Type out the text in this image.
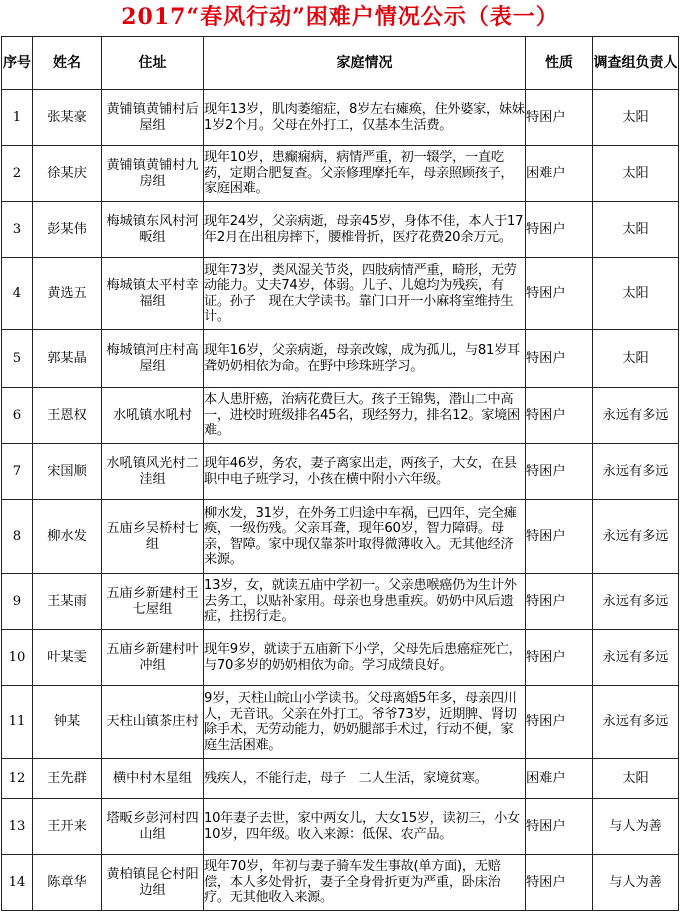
2017“春风行动”困难户情况公示（表一）
序号	姓名	住址	家庭情况	性质	调查组负责人
1	张某豪	黄铺镇黄铺村后屋组	现年13岁，肌肉萎缩症，8岁左右瘫痪，住外婆家，妹妹1岁2个月。父母在外打工，仅基本生活费。	特困户	太阳
2	徐某庆	黄铺镇黄铺村九房组	现年10岁，患癫痫病，病情严重，初一辍学，一直吃药，定期合肥复查。父亲修理摩托车，母亲照顾孩子，家庭困难。	困难户	太阳
3	彭某伟	梅城镇东风村河畈组	现年24岁，父亲病逝，母亲45岁，身体不佳，本人于17年2月在出租房摔下，腰椎骨折，医疗花费20余万元。	特困户	太阳
4	黄选五	梅城镇太平村幸福组	现年73岁，类风湿关节炎，四肢病情严重，畸形，无劳动能力。丈夫74岁，体弱。儿子、儿媳均为残疾，有证。孙子　现在大学读书。靠门口开一小麻将室维持生计。	特困户	太阳
5	郭某晶	梅城镇河庄村高屋组	现年16岁，父亲病逝，母亲改嫁，成为孤儿，与81岁耳聋奶奶相依为命。在野中珍珠班学习。	特困户	太阳
6	王恩权	水吼镇水吼村	本人患肝癌，治病花费巨大。孩子王锦隽，潜山二中高一，进校时班级排名45名，现经努力，排名12。家境困难。	特困户	永远有多远
7	宋国顺	水吼镇风光村二洼组	现年46岁，务农，妻子离家出走，两孩子，大女，在县职中电子班学习，小孩在横中附小六年级。	特困户	永远有多远
8	柳水发	五庙乡吴桥村七组	柳水发，31岁，在外务工归途中车祸，已四年，完全瘫痪，一级伤残。父亲耳聋，现年60岁，智力障碍。母亲，智障。家中现仅靠茶叶取得微薄收入。无其他经济来源。	特困户	永远有多远
9	王某雨	五庙乡新建村王七屋组	13岁，女，就读五庙中学初一。父亲患喉癌仍为生计外去务工，以贴补家用。母亲也身患重疾。奶奶中风后遗症，拄拐行走。	特困户	永远有多远
10	叶某雯	五庙乡新建村叶冲组	现年9岁，就读于五庙新下小学，父母先后患癌症死亡，与70多岁的奶奶相依为命。学习成绩良好。	特困户	永远有多远
11	钟某	天柱山镇茶庄村	9岁，天柱山皖山小学读书。父母离婚5年多，母亲四川人，无音讯。父亲在外打工。爷爷73岁，近期脾、肾切除手术，无劳动能力，奶奶腿部手术过，行动不便，家庭生活困难。	特困户	永远有多远
12	王先群	横中村木星组	残疾人，不能行走，母子　二人生活，家境贫寒。	困难户	太阳
13	王开来	塔畈乡彭河村四山组	10年妻子去世，家中两女儿，大女15岁，读初三，小女10岁，四年级。收入来源：低保、农产品。	特困户	与人为善
14	陈章华	黄柏镇昆仑村阳边组	现年70岁，年初与妻子骑车发生事故(单方面)，无赔偿，本人多处骨折，妻子全身骨折更为严重，卧床治疗。无其他收入来源。	特困户	与人为善
